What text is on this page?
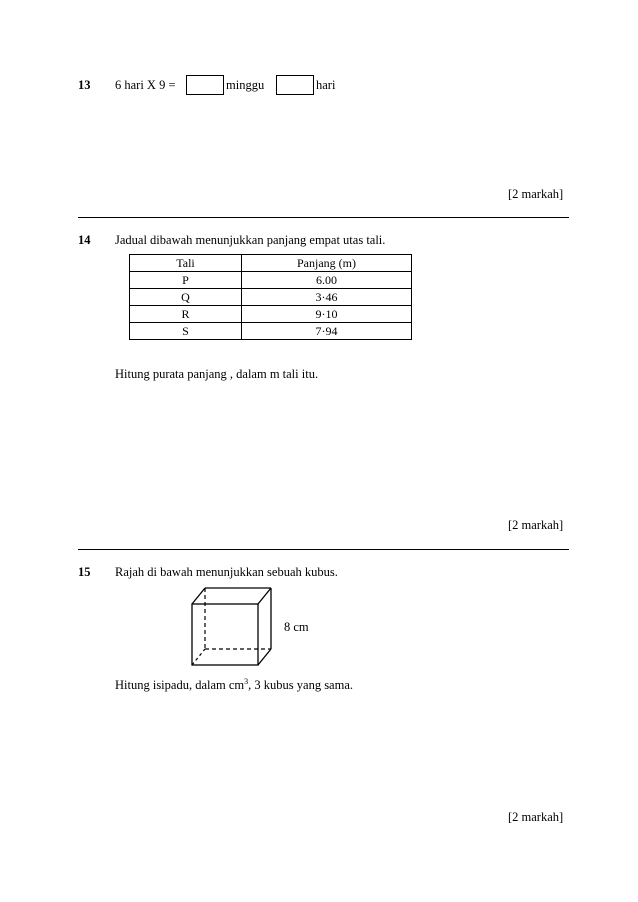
13 6 hari X 9 =	minggu	hari
[2 markah]
14 Jadual dibawah menunjukkan panjang empat utas tali.
Tali	Panjang (m)
P	6.00
Q	3·46
R	9·10
S	7·94
Hitung purata panjang , dalam m tali itu.
[2 markah]
15 Rajah di bawah menunjukkan sebuah kubus.
8 cm
Hitung isipadu, dalam $cm^3$, 3 kubus yang sama.
[2 markah]
